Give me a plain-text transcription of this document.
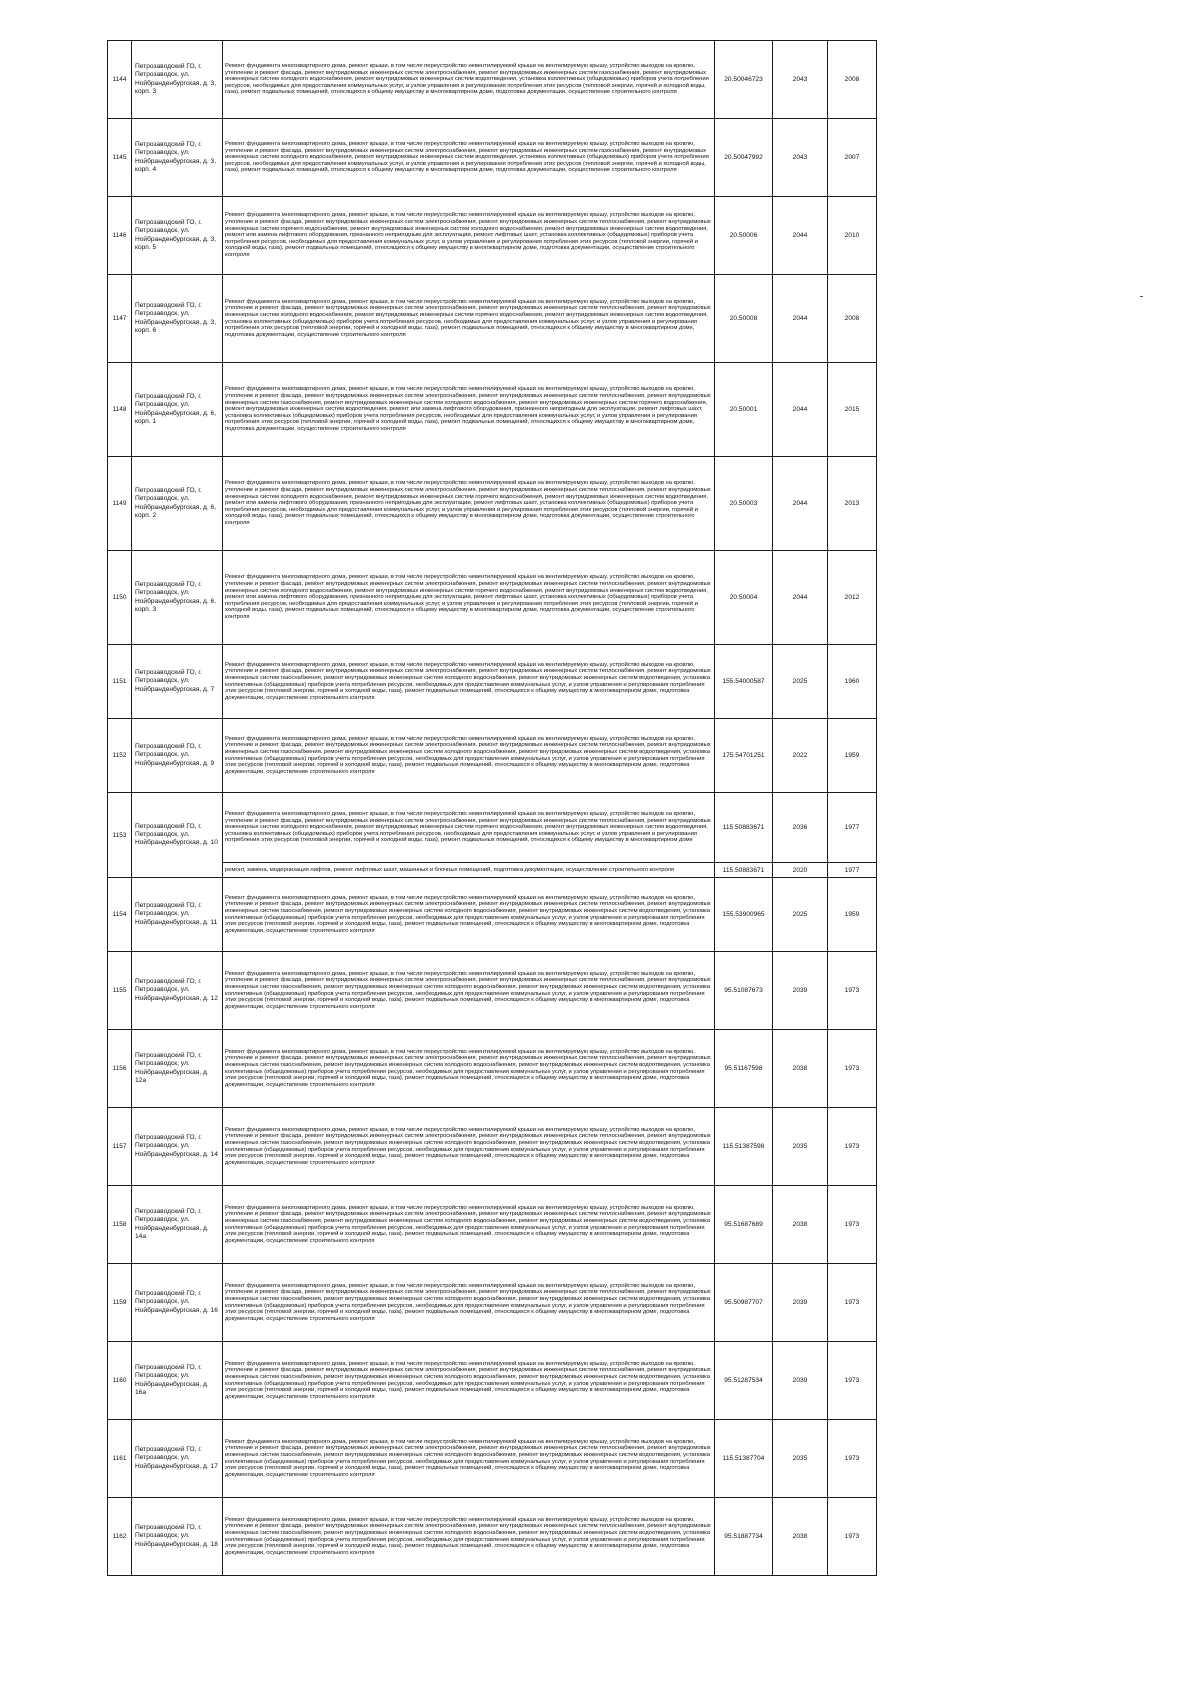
1144	Петрозаводский ГО, г. Петрозаводск, ул. Нойбранденбургская, д. 3, корп. 3	Ремонт фундамента многоквартирного дома, ремонт крыши, в том числе переустройство невентилируемой крыши на вентилируемую крышу, устройство выходов на кровлю, утепление и ремонт фасада, ремонт внутридомовых инженерных систем электроснабжения, ремонт внутридомовых инженерных систем газоснабжения, ремонт внутридомовых инженерных систем холодного водоснабжения, ремонт внутридомовых инженерных систем водоотведения, установка коллективных (общедомовых) приборов учета потребления ресурсов, необходимых для предоставления коммунальных услуг, и узлов управления и регулирования потребления этих ресурсов (тепловой энергии, горячей и холодной воды, газа), ремонт подвальных помещений, относящихся к общему имуществу в многоквартирном доме, подготовка документации, осуществление строительного контроля	20.50046723	2043	2008
1145	Петрозаводский ГО, г. Петрозаводск, ул. Нойбранденбургская, д. 3, корп. 4	Ремонт фундамента многоквартирного дома, ремонт крыши, в том числе переустройство невентилируемой крыши на вентилируемую крышу, устройство выходов на кровлю, утепление и ремонт фасада, ремонт внутридомовых инженерных систем электроснабжения, ремонт внутридомовых инженерных систем газоснабжения, ремонт внутридомовых инженерных систем холодного водоснабжения, ремонт внутридомовых инженерных систем водоотведения, установка коллективных (общедомовых) приборов учета потребления ресурсов, необходимых для предоставления коммунальных услуг, и узлов управления и регулирования потребления этих ресурсов (тепловой энергии, горячей и холодной воды, газа), ремонт подвальных помещений, относящихся к общему имуществу в многоквартирном доме, подготовка документации, осуществление строительного контроля	20.50047992	2043	2007
1146	Петрозаводский ГО, г. Петрозаводск, ул. Нойбранденбургская, д. 3, корп. 5	Ремонт фундамента многоквартирного дома, ремонт крыши, в том числе переустройство невентилируемой крыши на вентилируемую крышу, устройство выходов на кровлю, утепление и ремонт фасада, ремонт внутридомовых инженерных систем электроснабжения, ремонт внутридомовых инженерных систем теплоснабжения, ремонт внутридомовых инженерных систем горячего водоснабжения, ремонт внутридомовых инженерных систем холодного водоснабжения, ремонт внутридомовых инженерных систем водоотведения, ремонт или замена лифтового оборудования, признанного непригодным для эксплуатации, ремонт лифтовых шахт, установка коллективных (общедомовых) приборов учета потребления ресурсов, необходимых для предоставления коммунальных услуг, и узлов управления и регулирования потребления этих ресурсов (тепловой энергии, горячей и холодной воды, газа), ремонт подвальных помещений, относящихся к общему имуществу в многоквартирном доме, подготовка документации, осуществление строительного контроля	20.50006	2044	2010
1147	Петрозаводский ГО, г. Петрозаводск, ул. Нойбранденбургская, д. 3, корп. 6	Ремонт фундамента многоквартирного дома, ремонт крыши, в том числе переустройство невентилируемой крыши на вентилируемую крышу, устройство выходов на кровлю, утепление и ремонт фасада, ремонт внутридомовых инженерных систем электроснабжения, ремонт внутридомовых инженерных систем теплоснабжения, ремонт внутридомовых инженерных систем холодного водоснабжения, ремонт внутридомовых инженерных систем горячего водоснабжения, ремонт внутридомовых инженерных систем водоотведения, установка коллективных (общедомовых) приборов учета потребления ресурсов, необходимых для предоставления коммунальных услуг, и узлов управления и регулирования потребления этих ресурсов (тепловой энергии, горячей и холодной воды, газа), ремонт подвальных помещений, относящихся к общему имуществу в многоквартирном доме, подготовка документации, осуществление строительного контроля	20.50008	2044	2008
1148	Петрозаводский ГО, г. Петрозаводск, ул. Нойбранденбургская, д. 6, корп. 1	Ремонт фундамента многоквартирного дома, ремонт крыши, в том числе переустройство невентилируемой крыши на вентилируемую крышу, устройство выходов на кровлю, утепление и ремонт фасада, ремонт внутридомовых инженерных систем электроснабжения, ремонт внутридомовых инженерных систем теплоснабжения, ремонт внутридомовых инженерных систем газоснабжения, ремонт внутридомовых инженерных систем холодного водоснабжения, ремонт внутридомовых инженерных систем горячего водоснабжения, ремонт внутридомовых инженерных систем водоотведения, ремонт или замена лифтового оборудования, признанного непригодным для эксплуатации, ремонт лифтовых шахт, установка коллективных (общедомовых) приборов учета потребления ресурсов, необходимых для предоставления коммунальных услуг, и узлов управления и регулирования потребления этих ресурсов (тепловой энергии, горячей и холодной воды, газа), ремонт подвальных помещений, относящихся к общему имуществу в многоквартирном доме, подготовка документации, осуществление строительного контроля	20.50001	2044	2015
1149	Петрозаводский ГО, г. Петрозаводск, ул. Нойбранденбургская, д. 6, корп. 2	Ремонт фундамента многоквартирного дома, ремонт крыши, в том числе переустройство невентилируемой крыши на вентилируемую крышу, устройство выходов на кровлю, утепление и ремонт фасада, ремонт внутридомовых инженерных систем электроснабжения, ремонт внутридомовых инженерных систем теплоснабжения, ремонт внутридомовых инженерных систем холодного водоснабжения, ремонт внутридомовых инженерных систем горячего водоснабжения, ремонт внутридомовых инженерных систем водоотведения, ремонт или замена лифтового оборудования, признанного непригодным для эксплуатации, ремонт лифтовых шахт, установка коллективных (общедомовых) приборов учета потребления ресурсов, необходимых для предоставления коммунальных услуг, и узлов управления и регулирования потребления этих ресурсов (тепловой энергии, горячей и холодной воды, газа), ремонт подвальных помещений, относящихся к общему имуществу в многоквартирном доме, подготовка документации, осуществление строительного контроля	20.50003	2044	2013
1150	Петрозаводский ГО, г. Петрозаводск, ул. Нойбранденбургская, д. 6, корп. 3	Ремонт фундамента многоквартирного дома, ремонт крыши, в том числе переустройство невентилируемой крыши на вентилируемую крышу, устройство выходов на кровлю, утепление и ремонт фасада, ремонт внутридомовых инженерных систем электроснабжения, ремонт внутридомовых инженерных систем теплоснабжения, ремонт внутридомовых инженерных систем холодного водоснабжения, ремонт внутридомовых инженерных систем горячего водоснабжения, ремонт внутридомовых инженерных систем водоотведения, ремонт или замена лифтового оборудования, признанного непригодным для эксплуатации, ремонт лифтовых шахт, установка коллективных (общедомовых) приборов учета потребления ресурсов, необходимых для предоставления коммунальных услуг, и узлов управления и регулирования потребления этих ресурсов (тепловой энергии, горячей и холодной воды, газа), ремонт подвальных помещений, относящихся к общему имуществу в многоквартирном доме, подготовка документации, осуществление строительного контроля	20.50004	2044	2012
1151	Петрозаводский ГО, г. Петрозаводск, ул. Нойбранденбургская, д. 7	Ремонт фундамента многоквартирного дома, ремонт крыши, в том числе переустройство невентилируемой крыши на вентилируемую крышу, устройство выходов на кровлю, утепление и ремонт фасада, ремонт внутридомовых инженерных систем электроснабжения, ремонт внутридомовых инженерных систем теплоснабжения, ремонт внутридомовых инженерных систем газоснабжения, ремонт внутридомовых инженерных систем холодного водоснабжения, ремонт внутридомовых инженерных систем водоотведения, установка коллективных (общедомовых) приборов учета потребления ресурсов, необходимых для предоставления коммунальных услуг, и узлов управления и регулирования потребления этих ресурсов (тепловой энергии, горячей и холодной воды, газа), ремонт подвальных помещений, относящихся к общему имуществу в многоквартирном доме, подготовка документации, осуществление строительного контроля	155.54000587	2025	1960
1152	Петрозаводский ГО, г. Петрозаводск, ул. Нойбранденбургская, д. 9	Ремонт фундамента многоквартирного дома, ремонт крыши, в том числе переустройство невентилируемой крыши на вентилируемую крышу, устройство выходов на кровлю, утепление и ремонт фасада, ремонт внутридомовых инженерных систем электроснабжения, ремонт внутридомовых инженерных систем теплоснабжения, ремонт внутридомовых инженерных систем газоснабжения, ремонт внутридомовых инженерных систем холодного водоснабжения, ремонт внутридомовых инженерных систем водоотведения, установка коллективных (общедомовых) приборов учета потребления ресурсов, необходимых для предоставления коммунальных услуг, и узлов управления и регулирования потребления этих ресурсов (тепловой энергии, горячей и холодной воды, газа), ремонт подвальных помещений, относящихся к общему имуществу в многоквартирном доме, подготовка документации, осуществление строительного контроля	175.54701251	2022	1959
1153	Петрозаводский ГО, г. Петрозаводск, ул. Нойбранденбургская, д. 10	Ремонт фундамента многоквартирного дома, ремонт крыши, в том числе переустройство невентилируемой крыши на вентилируемую крышу, устройство выходов на кровлю, утепление и ремонт фасада, ремонт внутридомовых инженерных систем электроснабжения, ремонт внутридомовых инженерных систем теплоснабжения, ремонт внутридомовых инженерных систем холодного водоснабжения, ремонт внутридомовых инженерных систем горячего водоснабжения, ремонт внутридомовых инженерных систем водоотведения, установка коллективных (общедомовых) приборов учета потребления ресурсов, необходимых для предоставления коммунальных услуг, и узлов управления и регулирования потребления этих ресурсов (тепловой энергии, горячей и холодной воды, газа), ремонт подвальных помещений, относящихся к общему имуществу в многоквартирном доме	115.50883671	2036	1977
		ремонт, замена, модернизация лифтов, ремонт лифтовых шахт, машинных и блочных помещений, подготовка документации, осуществление строительного контроля	115.50883671	2020	1977
1154	Петрозаводский ГО, г. Петрозаводск, ул. Нойбранденбургская, д. 11	Ремонт фундамента многоквартирного дома, ремонт крыши, в том числе переустройство невентилируемой крыши на вентилируемую крышу, устройство выходов на кровлю, утепление и ремонт фасада, ремонт внутридомовых инженерных систем электроснабжения, ремонт внутридомовых инженерных систем теплоснабжения, ремонт внутридомовых инженерных систем газоснабжения, ремонт внутридомовых инженерных систем холодного водоснабжения, ремонт внутридомовых инженерных систем водоотведения, установка коллективных (общедомовых) приборов учета потребления ресурсов, необходимых для предоставления коммунальных услуг, и узлов управления и регулирования потребления этих ресурсов (тепловой энергии, горячей и холодной воды, газа), ремонт подвальных помещений, относящихся к общему имуществу в многоквартирном доме, подготовка документации, осуществление строительного контроля	155.53900965	2025	1959
1155	Петрозаводский ГО, г. Петрозаводск, ул. Нойбранденбургская, д. 12	Ремонт фундамента многоквартирного дома, ремонт крыши, в том числе переустройство невентилируемой крыши на вентилируемую крышу, устройство выходов на кровлю, утепление и ремонт фасада, ремонт внутридомовых инженерных систем электроснабжения, ремонт внутридомовых инженерных систем теплоснабжения, ремонт внутридомовых инженерных систем газоснабжения, ремонт внутридомовых инженерных систем холодного водоснабжения, ремонт внутридомовых инженерных систем водоотведения, установка коллективных (общедомовых) приборов учета потребления ресурсов, необходимых для предоставления коммунальных услуг, и узлов управления и регулирования потребления этих ресурсов (тепловой энергии, горячей и холодной воды, газа), ремонт подвальных помещений, относящихся к общему имуществу в многоквартирном доме, подготовка документации, осуществление строительного контроля	95.51087673	2039	1973
1156	Петрозаводский ГО, г. Петрозаводск, ул. Нойбранденбургская, д. 12а	Ремонт фундамента многоквартирного дома, ремонт крыши, в том числе переустройство невентилируемой крыши на вентилируемую крышу, устройство выходов на кровлю, утепление и ремонт фасада, ремонт внутридомовых инженерных систем электроснабжения, ремонт внутридомовых инженерных систем теплоснабжения, ремонт внутридомовых инженерных систем газоснабжения, ремонт внутридомовых инженерных систем холодного водоснабжения, ремонт внутридомовых инженерных систем водоотведения, установка коллективных (общедомовых) приборов учета потребления ресурсов, необходимых для предоставления коммунальных услуг, и узлов управления и регулирования потребления этих ресурсов (тепловой энергии, горячей и холодной воды, газа), ремонт подвальных помещений, относящихся к общему имуществу в многоквартирном доме, подготовка документации, осуществление строительного контроля	95.51167598	2038	1973
1157	Петрозаводский ГО, г. Петрозаводск, ул. Нойбранденбургская, д. 14	Ремонт фундамента многоквартирного дома, ремонт крыши, в том числе переустройство невентилируемой крыши на вентилируемую крышу, устройство выходов на кровлю, утепление и ремонт фасада, ремонт внутридомовых инженерных систем электроснабжения, ремонт внутридомовых инженерных систем теплоснабжения, ремонт внутридомовых инженерных систем газоснабжения, ремонт внутридомовых инженерных систем холодного водоснабжения, ремонт внутридомовых инженерных систем водоотведения, установка коллективных (общедомовых) приборов учета потребления ресурсов, необходимых для предоставления коммунальных услуг, и узлов управления и регулирования потребления этих ресурсов (тепловой энергии, горячей и холодной воды, газа), ремонт подвальных помещений, относящихся к общему имуществу в многоквартирном доме, подготовка документации, осуществление строительного контроля	115.51387598	2035	1973
1158	Петрозаводский ГО, г. Петрозаводск, ул. Нойбранденбургская, д. 14а	Ремонт фундамента многоквартирного дома, ремонт крыши, в том числе переустройство невентилируемой крыши на вентилируемую крышу, устройство выходов на кровлю, утепление и ремонт фасада, ремонт внутридомовых инженерных систем электроснабжения, ремонт внутридомовых инженерных систем теплоснабжения, ремонт внутридомовых инженерных систем газоснабжения, ремонт внутридомовых инженерных систем холодного водоснабжения, ремонт внутридомовых инженерных систем водоотведения, установка коллективных (общедомовых) приборов учета потребления ресурсов, необходимых для предоставления коммунальных услуг, и узлов управления и регулирования потребления этих ресурсов (тепловой энергии, горячей и холодной воды, газа), ремонт подвальных помещений, относящихся к общему имуществу в многоквартирном доме, подготовка документации, осуществление строительного контроля	95.51687689	2038	1973
1159	Петрозаводский ГО, г. Петрозаводск, ул. Нойбранденбургская, д. 16	Ремонт фундамента многоквартирного дома, ремонт крыши, в том числе переустройство невентилируемой крыши на вентилируемую крышу, устройство выходов на кровлю, утепление и ремонт фасада, ремонт внутридомовых инженерных систем электроснабжения, ремонт внутридомовых инженерных систем теплоснабжения, ремонт внутридомовых инженерных систем газоснабжения, ремонт внутридомовых инженерных систем холодного водоснабжения, ремонт внутридомовых инженерных систем водоотведения, установка коллективных (общедомовых) приборов учета потребления ресурсов, необходимых для предоставления коммунальных услуг, и узлов управления и регулирования потребления этих ресурсов (тепловой энергии, горячей и холодной воды, газа), ремонт подвальных помещений, относящихся к общему имуществу в многоквартирном доме, подготовка документации, осуществление строительного контроля	95.50987707	2039	1973
1160	Петрозаводский ГО, г. Петрозаводск, ул. Нойбранденбургская, д. 16а	Ремонт фундамента многоквартирного дома, ремонт крыши, в том числе переустройство невентилируемой крыши на вентилируемую крышу, устройство выходов на кровлю, утепление и ремонт фасада, ремонт внутридомовых инженерных систем электроснабжения, ремонт внутридомовых инженерных систем теплоснабжения, ремонт внутридомовых инженерных систем газоснабжения, ремонт внутридомовых инженерных систем холодного водоснабжения, ремонт внутридомовых инженерных систем водоотведения, установка коллективных (общедомовых) приборов учета потребления ресурсов, необходимых для предоставления коммунальных услуг, и узлов управления и регулирования потребления этих ресурсов (тепловой энергии, горячей и холодной воды, газа), ремонт подвальных помещений, относящихся к общему имуществу в многоквартирном доме, подготовка документации, осуществление строительного контроля	95.51287534	2039	1973
1161	Петрозаводский ГО, г. Петрозаводск, ул. Нойбранденбургская, д. 17	Ремонт фундамента многоквартирного дома, ремонт крыши, в том числе переустройство невентилируемой крыши на вентилируемую крышу, устройство выходов на кровлю, утепление и ремонт фасада, ремонт внутридомовых инженерных систем электроснабжения, ремонт внутридомовых инженерных систем теплоснабжения, ремонт внутридомовых инженерных систем газоснабжения, ремонт внутридомовых инженерных систем холодного водоснабжения, ремонт внутридомовых инженерных систем водоотведения, установка коллективных (общедомовых) приборов учета потребления ресурсов, необходимых для предоставления коммунальных услуг, и узлов управления и регулирования потребления этих ресурсов (тепловой энергии, горячей и холодной воды, газа), ремонт подвальных помещений, относящихся к общему имуществу в многоквартирном доме, подготовка документации, осуществление строительного контроля	115.51387704	2035	1973
1162	Петрозаводский ГО, г. Петрозаводск, ул. Нойбранденбургская, д. 18	Ремонт фундамента многоквартирного дома, ремонт крыши, в том числе переустройство невентилируемой крыши на вентилируемую крышу, устройство выходов на кровлю, утепление и ремонт фасада, ремонт внутридомовых инженерных систем электроснабжения, ремонт внутридомовых инженерных систем теплоснабжения, ремонт внутридомовых инженерных систем газоснабжения, ремонт внутридомовых инженерных систем холодного водоснабжения, ремонт внутридомовых инженерных систем водоотведения, установка коллективных (общедомовых) приборов учета потребления ресурсов, необходимых для предоставления коммунальных услуг, и узлов управления и регулирования потребления этих ресурсов (тепловой энергии, горячей и холодной воды, газа), ремонт подвальных помещений, относящихся к общему имуществу в многоквартирном доме, подготовка документации, осуществление строительного контроля	95.51887734	2038	1973
